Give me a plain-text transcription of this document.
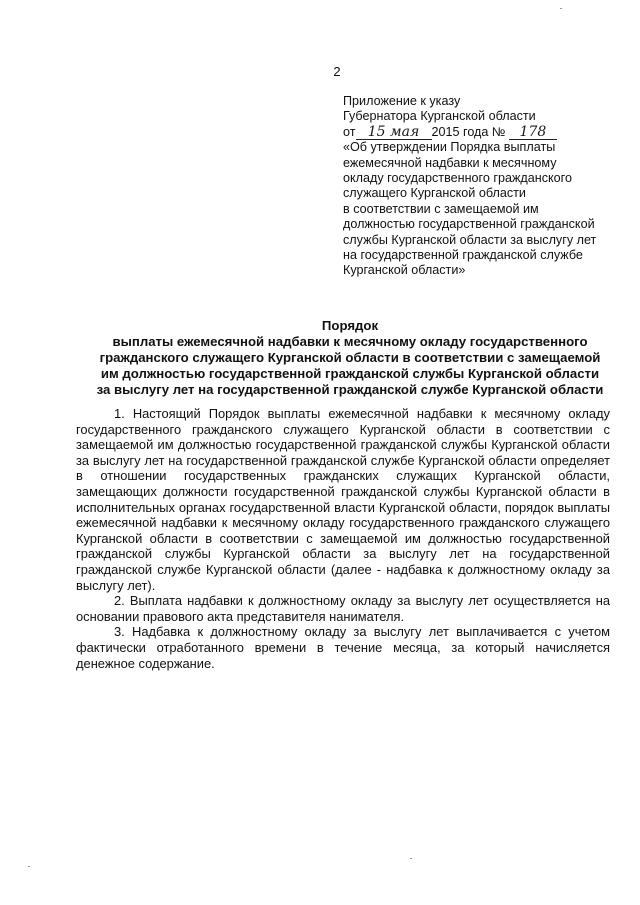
2
Приложение к указу
Губернатора Курганской области
от 15 мая 2015 года № 178
«Об утверждении Порядка выплаты
ежемесячной надбавки к месячному
окладу государственного гражданского
служащего Курганской области
в соответствии с замещаемой им
должностью государственной гражданской
службы Курганской области за выслугу лет
на государственной гражданской службе
Курганской области»
Порядок
выплаты ежемесячной надбавки к месячному окладу государственного
гражданского служащего Курганской области в соответствии с замещаемой
им должностью государственной гражданской службы Курганской области
за выслугу лет на государственной гражданской службе Курганской области

1. Настоящий Порядок выплаты ежемесячной надбавки к месячному окладу государственного гражданского служащего Курганской области в соответствии с замещаемой им должностью государственной гражданской службы Курганской области за выслугу лет на государственной гражданской службе Курганской области определяет в отношении государственных гражданских служащих Курганской области, замещающих должности государственной гражданской службы Курганской области в исполнительных органах государственной власти Курганской области, порядок выплаты ежемесячной надбавки к месячному окладу государственного гражданского служащего Курганской области в соответствии с замещаемой им должностью государственной гражданской службы Курганской области за выслугу лет на государственной гражданской службе Курганской области (далее - надбавка к должностному окладу за выслугу лет).

2. Выплата надбавки к должностному окладу за выслугу лет осуществляется на основании правового акта представителя нанимателя.

3. Надбавка к должностному окладу за выслугу лет выплачивается с учетом фактически отработанного времени в течение месяца, за который начисляется денежное содержание.
